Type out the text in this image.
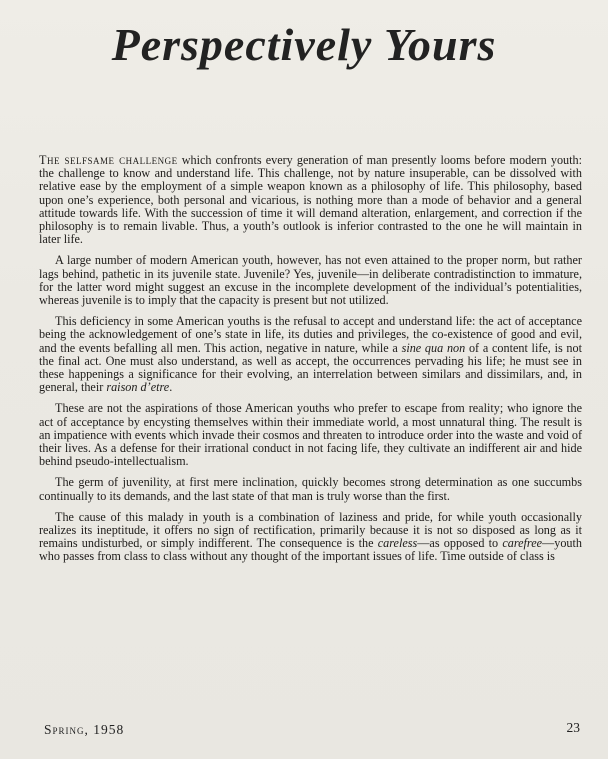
Perspectively Yours

The selfsame challenge which confronts every generation of man presently looms before modern youth: the challenge to know and understand life. This challenge, not by nature insuperable, can be dissolved with relative ease by the employment of a simple weapon known as a philosophy of life. This philosophy, based upon one’s experience, both personal and vicarious, is nothing more than a mode of behavior and a general attitude towards life. With the succession of time it will demand alteration, enlargement, and correction if the philosophy is to remain livable. Thus, a youth’s outlook is inferior contrasted to the one he will maintain in later life.

A large number of modern American youth, however, has not even attained to the proper norm, but rather lags behind, pathetic in its juvenile state. Juvenile? Yes, juvenile—in deliberate contradistinction to immature, for the latter word might suggest an excuse in the incomplete development of the individual’s potentialities, whereas juvenile is to imply that the capacity is present but not utilized.

This deficiency in some American youths is the refusal to accept and understand life: the act of acceptance being the acknowledgement of one’s state in life, its duties and privileges, the co-existence of good and evil, and the events befalling all men. This action, negative in nature, while a sine qua non of a content life, is not the final act. One must also understand, as well as accept, the occurrences pervading his life; he must see in these happenings a significance for their evolving, an interrelation between similars and dissimilars, and, in general, their raison d’etre.

These are not the aspirations of those American youths who prefer to escape from reality; who ignore the act of acceptance by encysting themselves within their immediate world, a most unnatural thing. The result is an impatience with events which invade their cosmos and threaten to introduce order into the waste and void of their lives. As a defense for their irrational conduct in not facing life, they cultivate an indifferent air and hide behind pseudo-intellectualism.

The germ of juvenility, at first mere inclination, quickly becomes strong determination as one succumbs continually to its demands, and the last state of that man is truly worse than the first.

The cause of this malady in youth is a combination of laziness and pride, for while youth occasionally realizes its ineptitude, it offers no sign of rectification, primarily because it is not so disposed as long as it remains undisturbed, or simply indifferent. The consequence is the careless—as opposed to carefree—youth who passes from class to class without any thought of the important issues of life. Time outside of class is

Spring, 1958	23
